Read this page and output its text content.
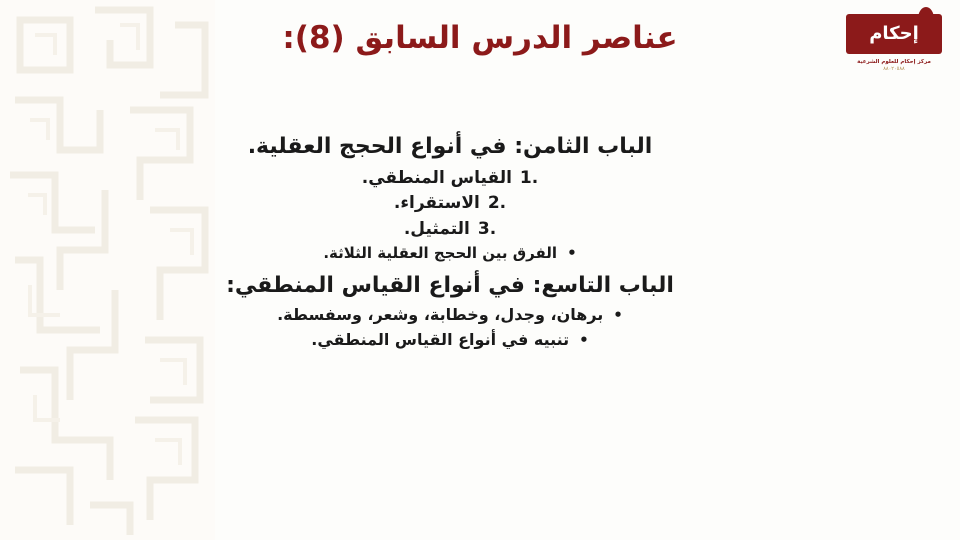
عناصر الدرس السابق (8):	إحكام
مركز إحكام للعلوم الشرعية
٨٨٠٢٠٥٨٨
الباب الثامن: في أنواع الحجج العقلية.
1.القياس المنطقي.
2.الاستقراء.
3.التمثيل.
•الفرق بين الحجج العقلية الثلاثة.
الباب التاسع: في أنواع القياس المنطقي:
•برهان، وجدل، وخطابة، وشعر، وسفسطة.
•تنبيه في أنواع القياس المنطقي.
